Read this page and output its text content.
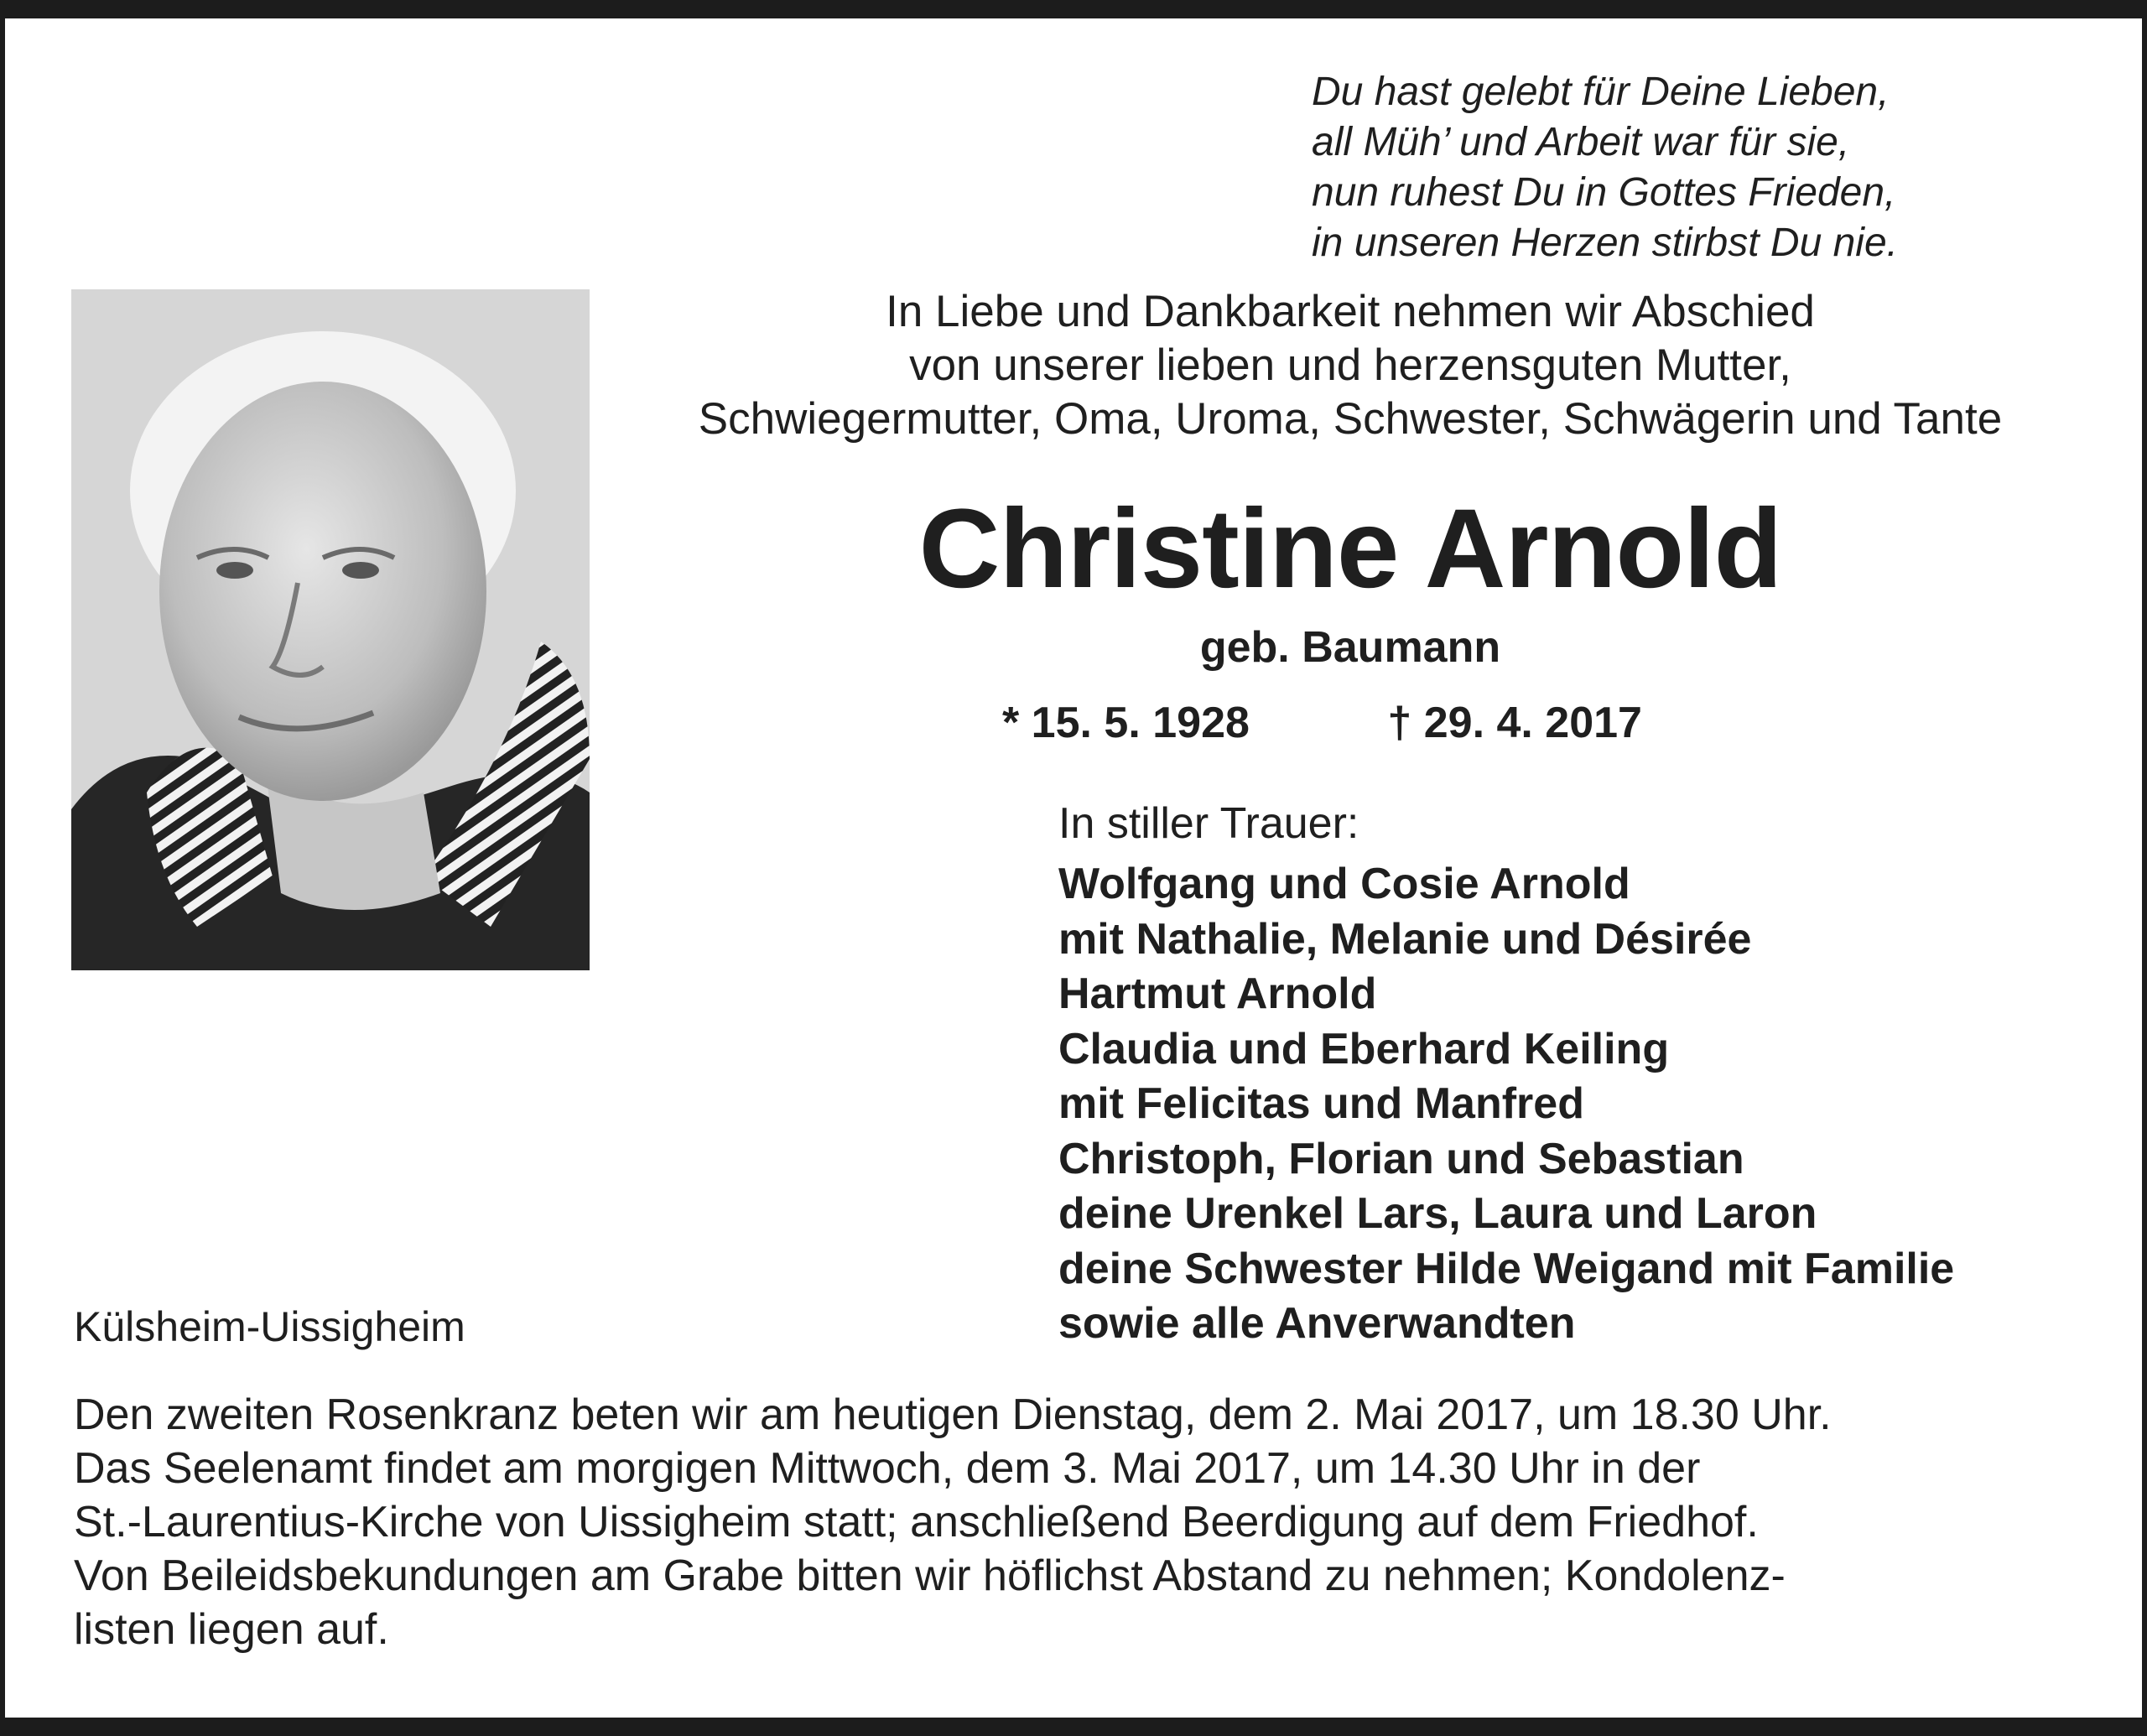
Du hast gelebt für Deine Lieben,
all Müh’ und Arbeit war für sie,
nun ruhest Du in Gottes Frieden,
in unseren Herzen stirbst Du nie.
In Liebe und Dankbarkeit nehmen wir Abschied
von unserer lieben und herzensguten Mutter,
Schwiegermutter, Oma, Uroma, Schwester, Schwägerin und Tante
Christine Arnold
geb. Baumann
* 15. 5. 1928	† 29. 4. 2017
In stiller Trauer:
Wolfgang und Cosie Arnold
mit Nathalie, Melanie und Désirée
Hartmut Arnold
Claudia und Eberhard Keiling
mit Felicitas und Manfred
Christoph, Florian und Sebastian
deine Urenkel Lars, Laura und Laron
deine Schwester Hilde Weigand mit Familie
sowie alle Anverwandten
Külsheim-Uissigheim
Den zweiten Rosenkranz beten wir am heutigen Dienstag, dem 2. Mai 2017, um 18.30 Uhr.
Das Seelenamt findet am morgigen Mittwoch, dem 3. Mai 2017, um 14.30 Uhr in der
St.-Laurentius-Kirche von Uissigheim statt; anschließend Beerdigung auf dem Friedhof.
Von Beileidsbekundungen am Grabe bitten wir höflichst Abstand zu nehmen; Kondolenz-
listen liegen auf.
